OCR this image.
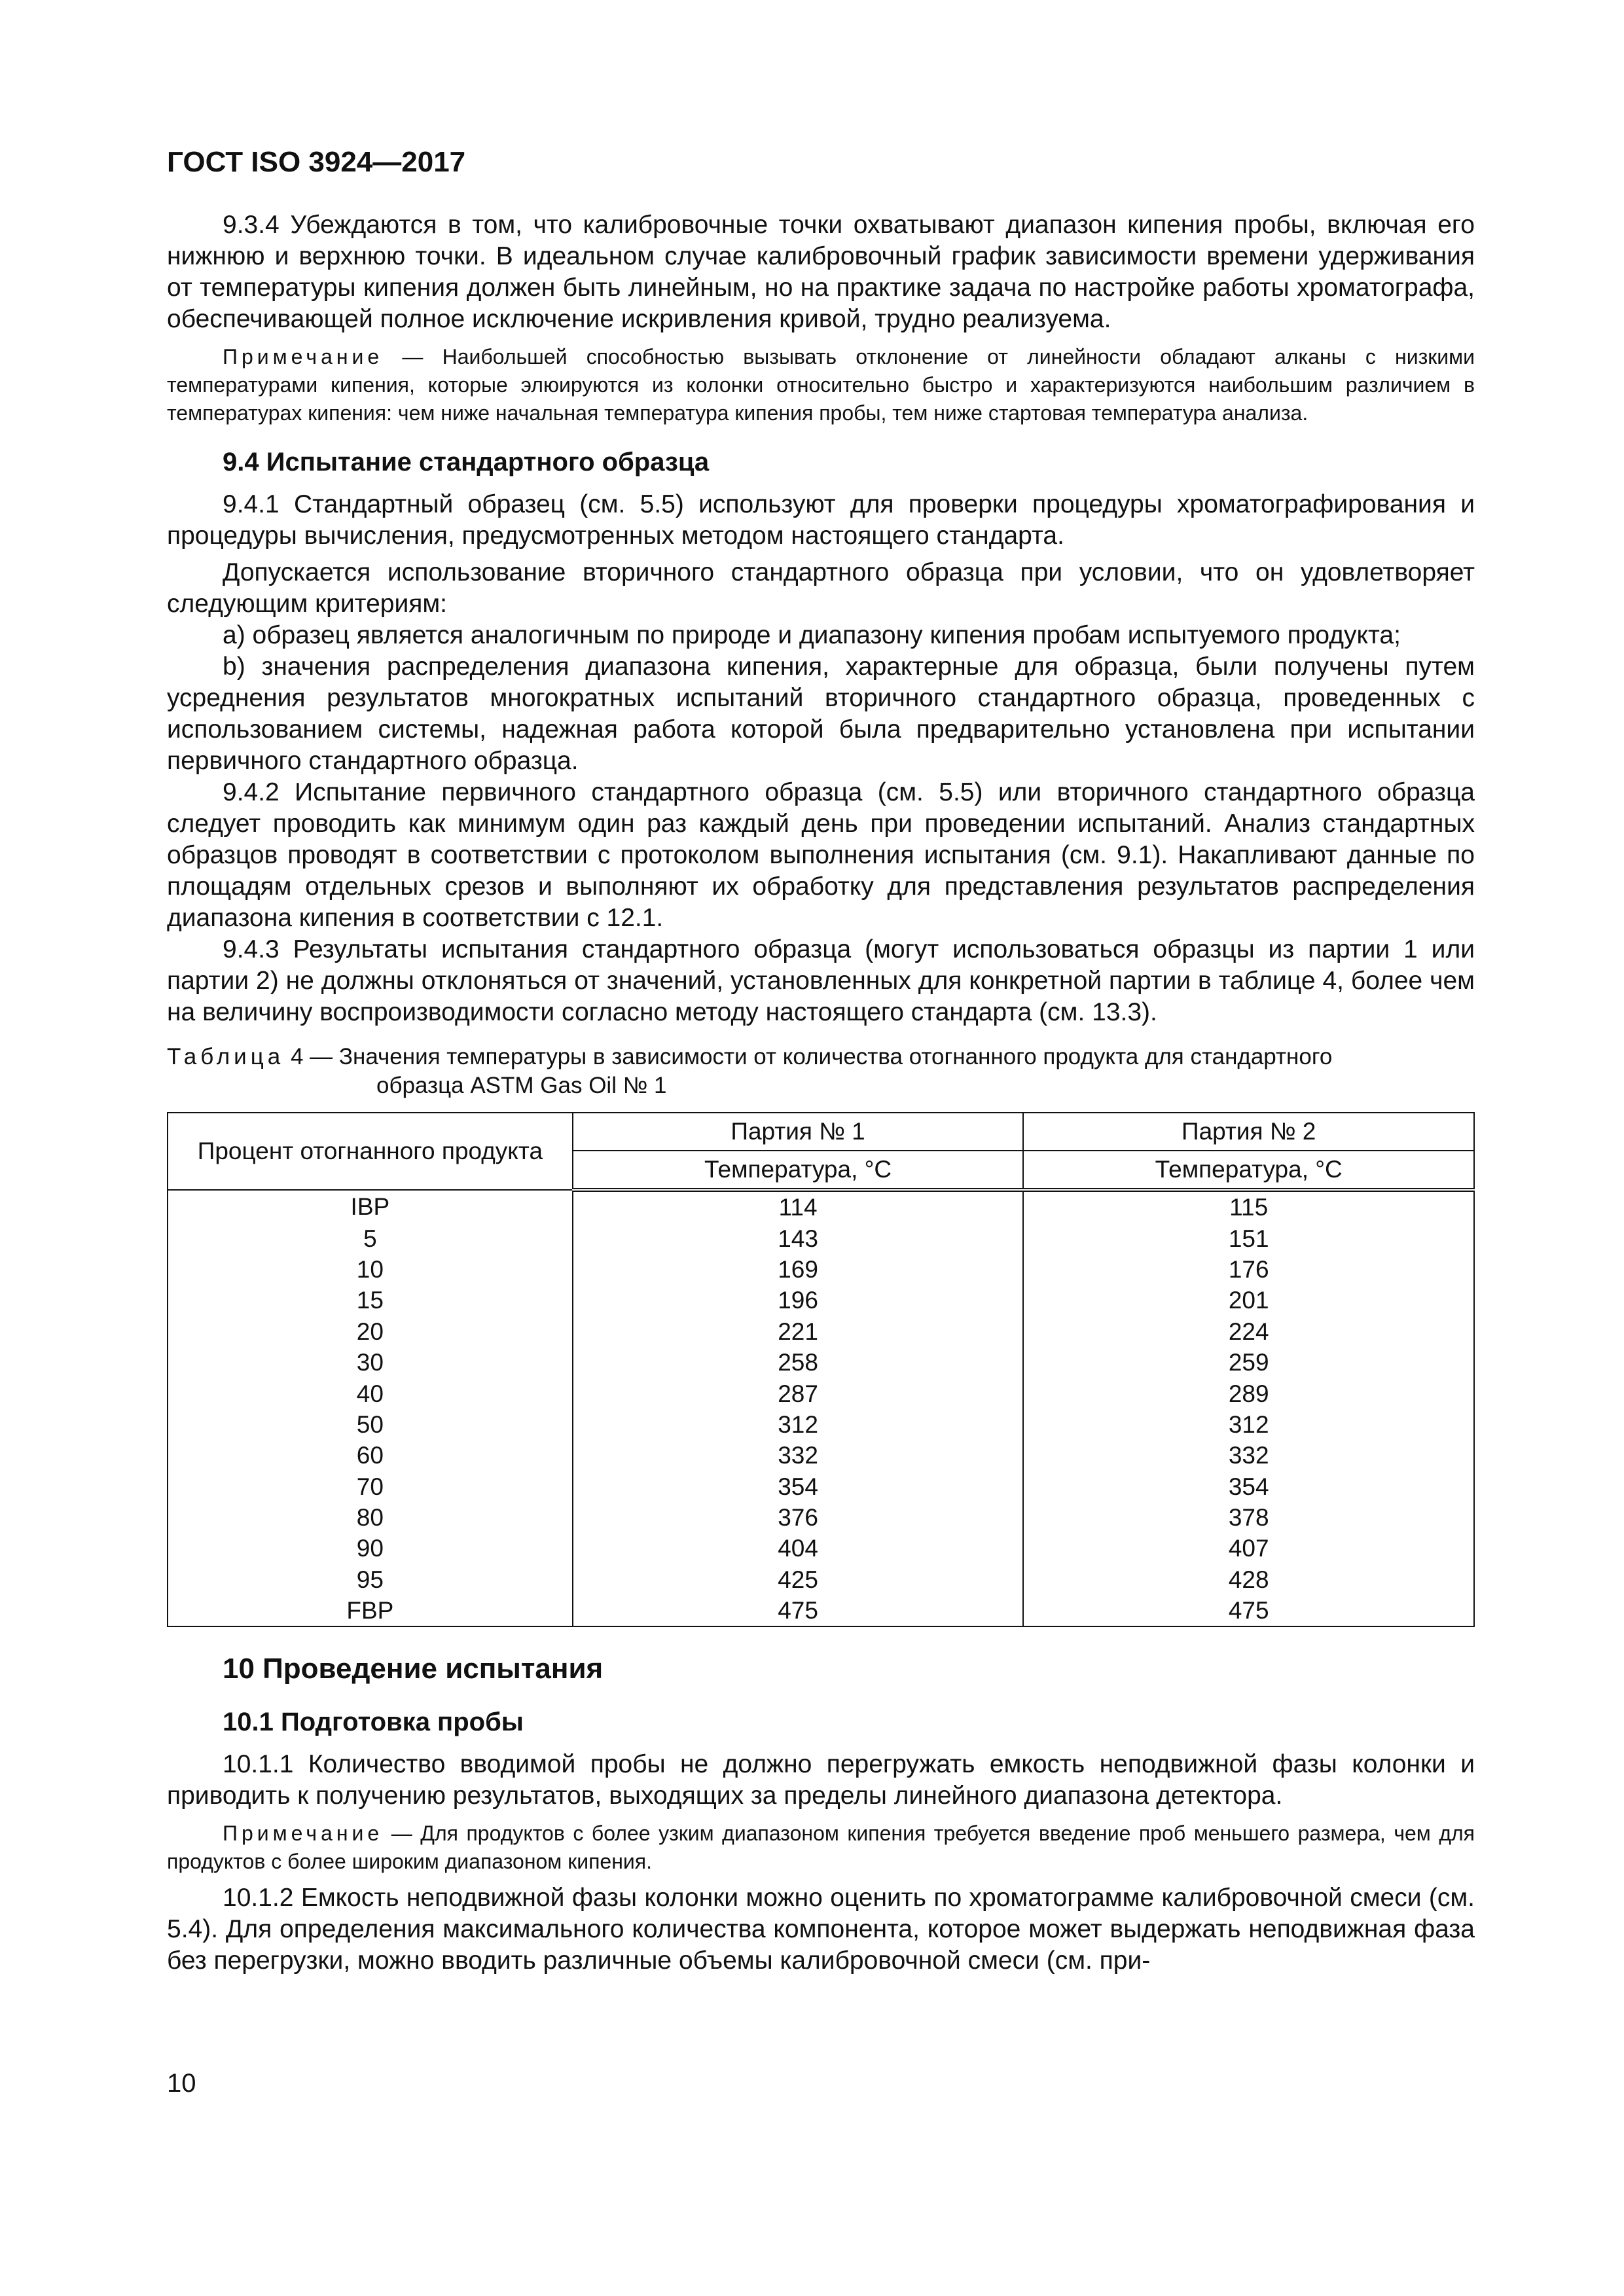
ГОСТ ISO 3924—2017

9.3.4 Убеждаются в том, что калибровочные точки охватывают диапазон кипения пробы, включая его нижнюю и верхнюю точки. В идеальном случае калибровочный график зависимости времени удерживания от температуры кипения должен быть линейным, но на практике задача по настройке работы хроматографа, обеспечивающей полное исключение искривления кривой, трудно реализуема.

Примечание — Наибольшей способностью вызывать отклонение от линейности обладают алканы с низкими температурами кипения, которые элюируются из колонки относительно быстро и характеризуются наибольшим различием в температурах кипения: чем ниже начальная температура кипения пробы, тем ниже стартовая температура анализа.

9.4 Испытание стандартного образца

9.4.1 Стандартный образец (см. 5.5) используют для проверки процедуры хроматографирования и процедуры вычисления, предусмотренных методом настоящего стандарта.

Допускается использование вторичного стандартного образца при условии, что он удовлетворяет следующим критериям:

a) образец является аналогичным по природе и диапазону кипения пробам испытуемого продукта;

b) значения распределения диапазона кипения, характерные для образца, были получены путем усреднения результатов многократных испытаний вторичного стандартного образца, проведенных с использованием системы, надежная работа которой была предварительно установлена при испытании первичного стандартного образца.

9.4.2 Испытание первичного стандартного образца (см. 5.5) или вторичного стандартного образца следует проводить как минимум один раз каждый день при проведении испытаний. Анализ стандартных образцов проводят в соответствии с протоколом выполнения испытания (см. 9.1). Накапливают данные по площадям отдельных срезов и выполняют их обработку для представления результатов распределения диапазона кипения в соответствии с 12.1.

9.4.3 Результаты испытания стандартного образца (могут использоваться образцы из партии 1 или партии 2) не должны отклоняться от значений, установленных для конкретной партии в таблице 4, более чем на величину воспроизводимости согласно методу настоящего стандарта (см. 13.3).

Таблица 4 — Значения температуры в зависимости от количества отогнанного продукта для стандартного
образца ASTM Gas Oil № 1
Процент отогнанного продукта	Партия № 1	Партия № 2
	Температура, °С	Температура, °С
IBP	114	115
5	143	151
10	169	176
15	196	201
20	221	224
30	258	259
40	287	289
50	312	312
60	332	332
70	354	354
80	376	378
90	404	407
95	425	428
FBP	475	475
10 Проведение испытания
10.1 Подготовка пробы

10.1.1 Количество вводимой пробы не должно перегружать емкость неподвижной фазы колонки и приводить к получению результатов, выходящих за пределы линейного диапазона детектора.

Примечание — Для продуктов с более узким диапазоном кипения требуется введение проб меньшего размера, чем для продуктов с более широким диапазоном кипения.

10.1.2 Емкость неподвижной фазы колонки можно оценить по хроматограмме калибровочной смеси (см. 5.4). Для определения максимального количества компонента, которое может выдержать неподвижная фаза без перегрузки, можно вводить различные объемы калибровочной смеси (см. при-

10
